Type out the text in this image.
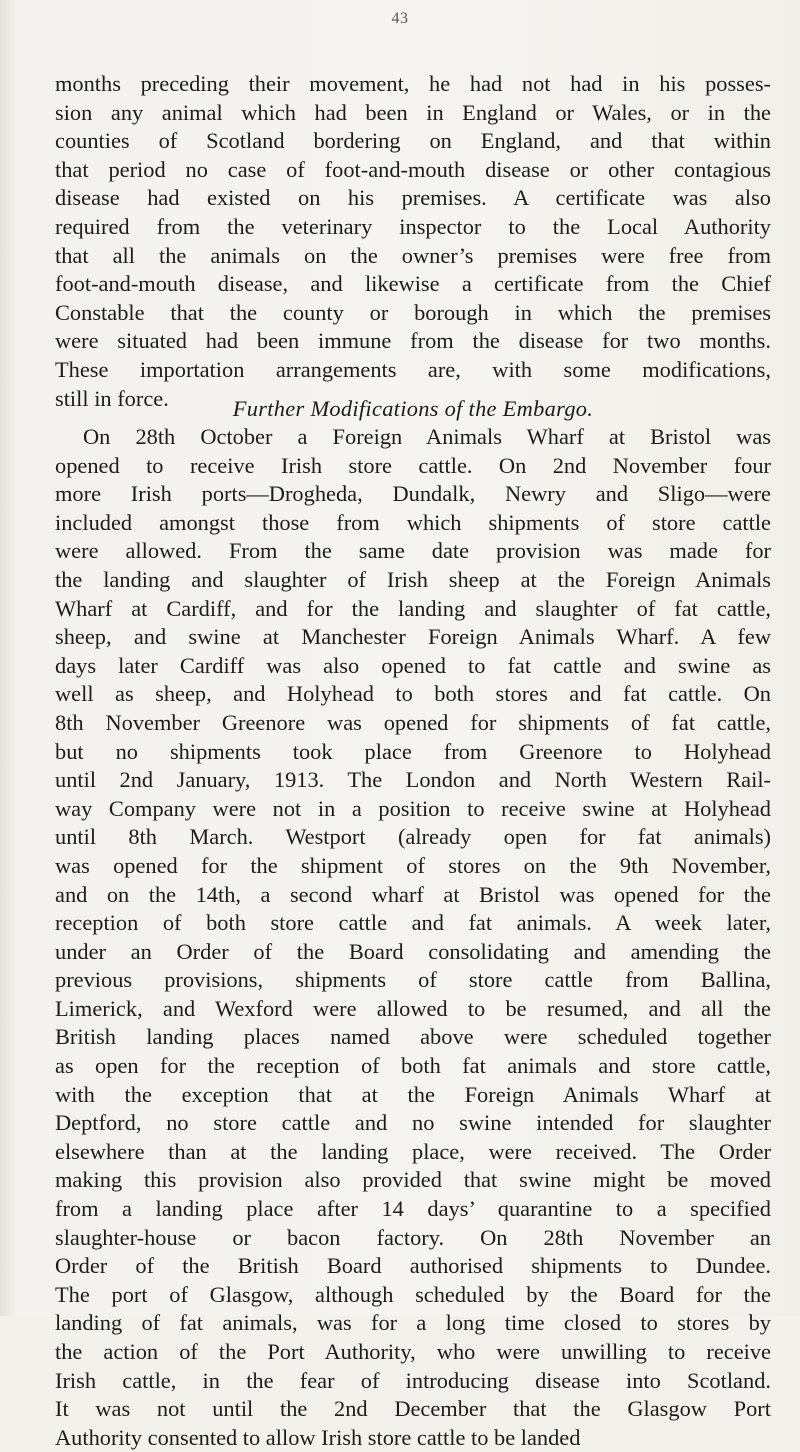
43
months preceding their movement, he had not had in his posses-
sion any animal which had been in England or Wales, or in the
counties of Scotland bordering on England, and that within
that period no case of foot-and-mouth disease or other contagious
disease had existed on his premises. A certificate was also
required from the veterinary inspector to the Local Authority
that all the animals on the owner’s premises were free from
foot-and-mouth disease, and likewise a certificate from the Chief
Constable that the county or borough in which the premises
were situated had been immune from the disease for two months.
These importation arrangements are, with some modifications,
still in force.	Further Modifications of the Embargo.
On 28th October a Foreign Animals Wharf at Bristol was
opened to receive Irish store cattle. On 2nd November four
more Irish ports—Drogheda, Dundalk, Newry and Sligo—were
included amongst those from which shipments of store cattle
were allowed. From the same date provision was made for
the landing and slaughter of Irish sheep at the Foreign Animals
Wharf at Cardiff, and for the landing and slaughter of fat cattle,
sheep, and swine at Manchester Foreign Animals Wharf. A few
days later Cardiff was also opened to fat cattle and swine as
well as sheep, and Holyhead to both stores and fat cattle. On
8th November Greenore was opened for shipments of fat cattle,
but no shipments took place from Greenore to Holyhead
until 2nd January, 1913. The London and North Western Rail-
way Company were not in a position to receive swine at Holyhead
until 8th March. Westport (already open for fat animals)
was opened for the shipment of stores on the 9th November,
and on the 14th, a second wharf at Bristol was opened for the
reception of both store cattle and fat animals. A week later,
under an Order of the Board consolidating and amending the
previous provisions, shipments of store cattle from Ballina,
Limerick, and Wexford were allowed to be resumed, and all the
British landing places named above were scheduled together
as open for the reception of both fat animals and store cattle,
with the exception that at the Foreign Animals Wharf at
Deptford, no store cattle and no swine intended for slaughter
elsewhere than at the landing place, were received. The Order
making this provision also provided that swine might be moved
from a landing place after 14 days’ quarantine to a specified
slaughter-house or bacon factory. On 28th November an
Order of the British Board authorised shipments to Dundee.
The port of Glasgow, although scheduled by the Board for the
landing of fat animals, was for a long time closed to stores by
the action of the Port Authority, who were unwilling to receive
Irish cattle, in the fear of introducing disease into Scotland.
It was not until the 2nd December that the Glasgow Port
Authority consented to allow Irish store cattle to be landed
